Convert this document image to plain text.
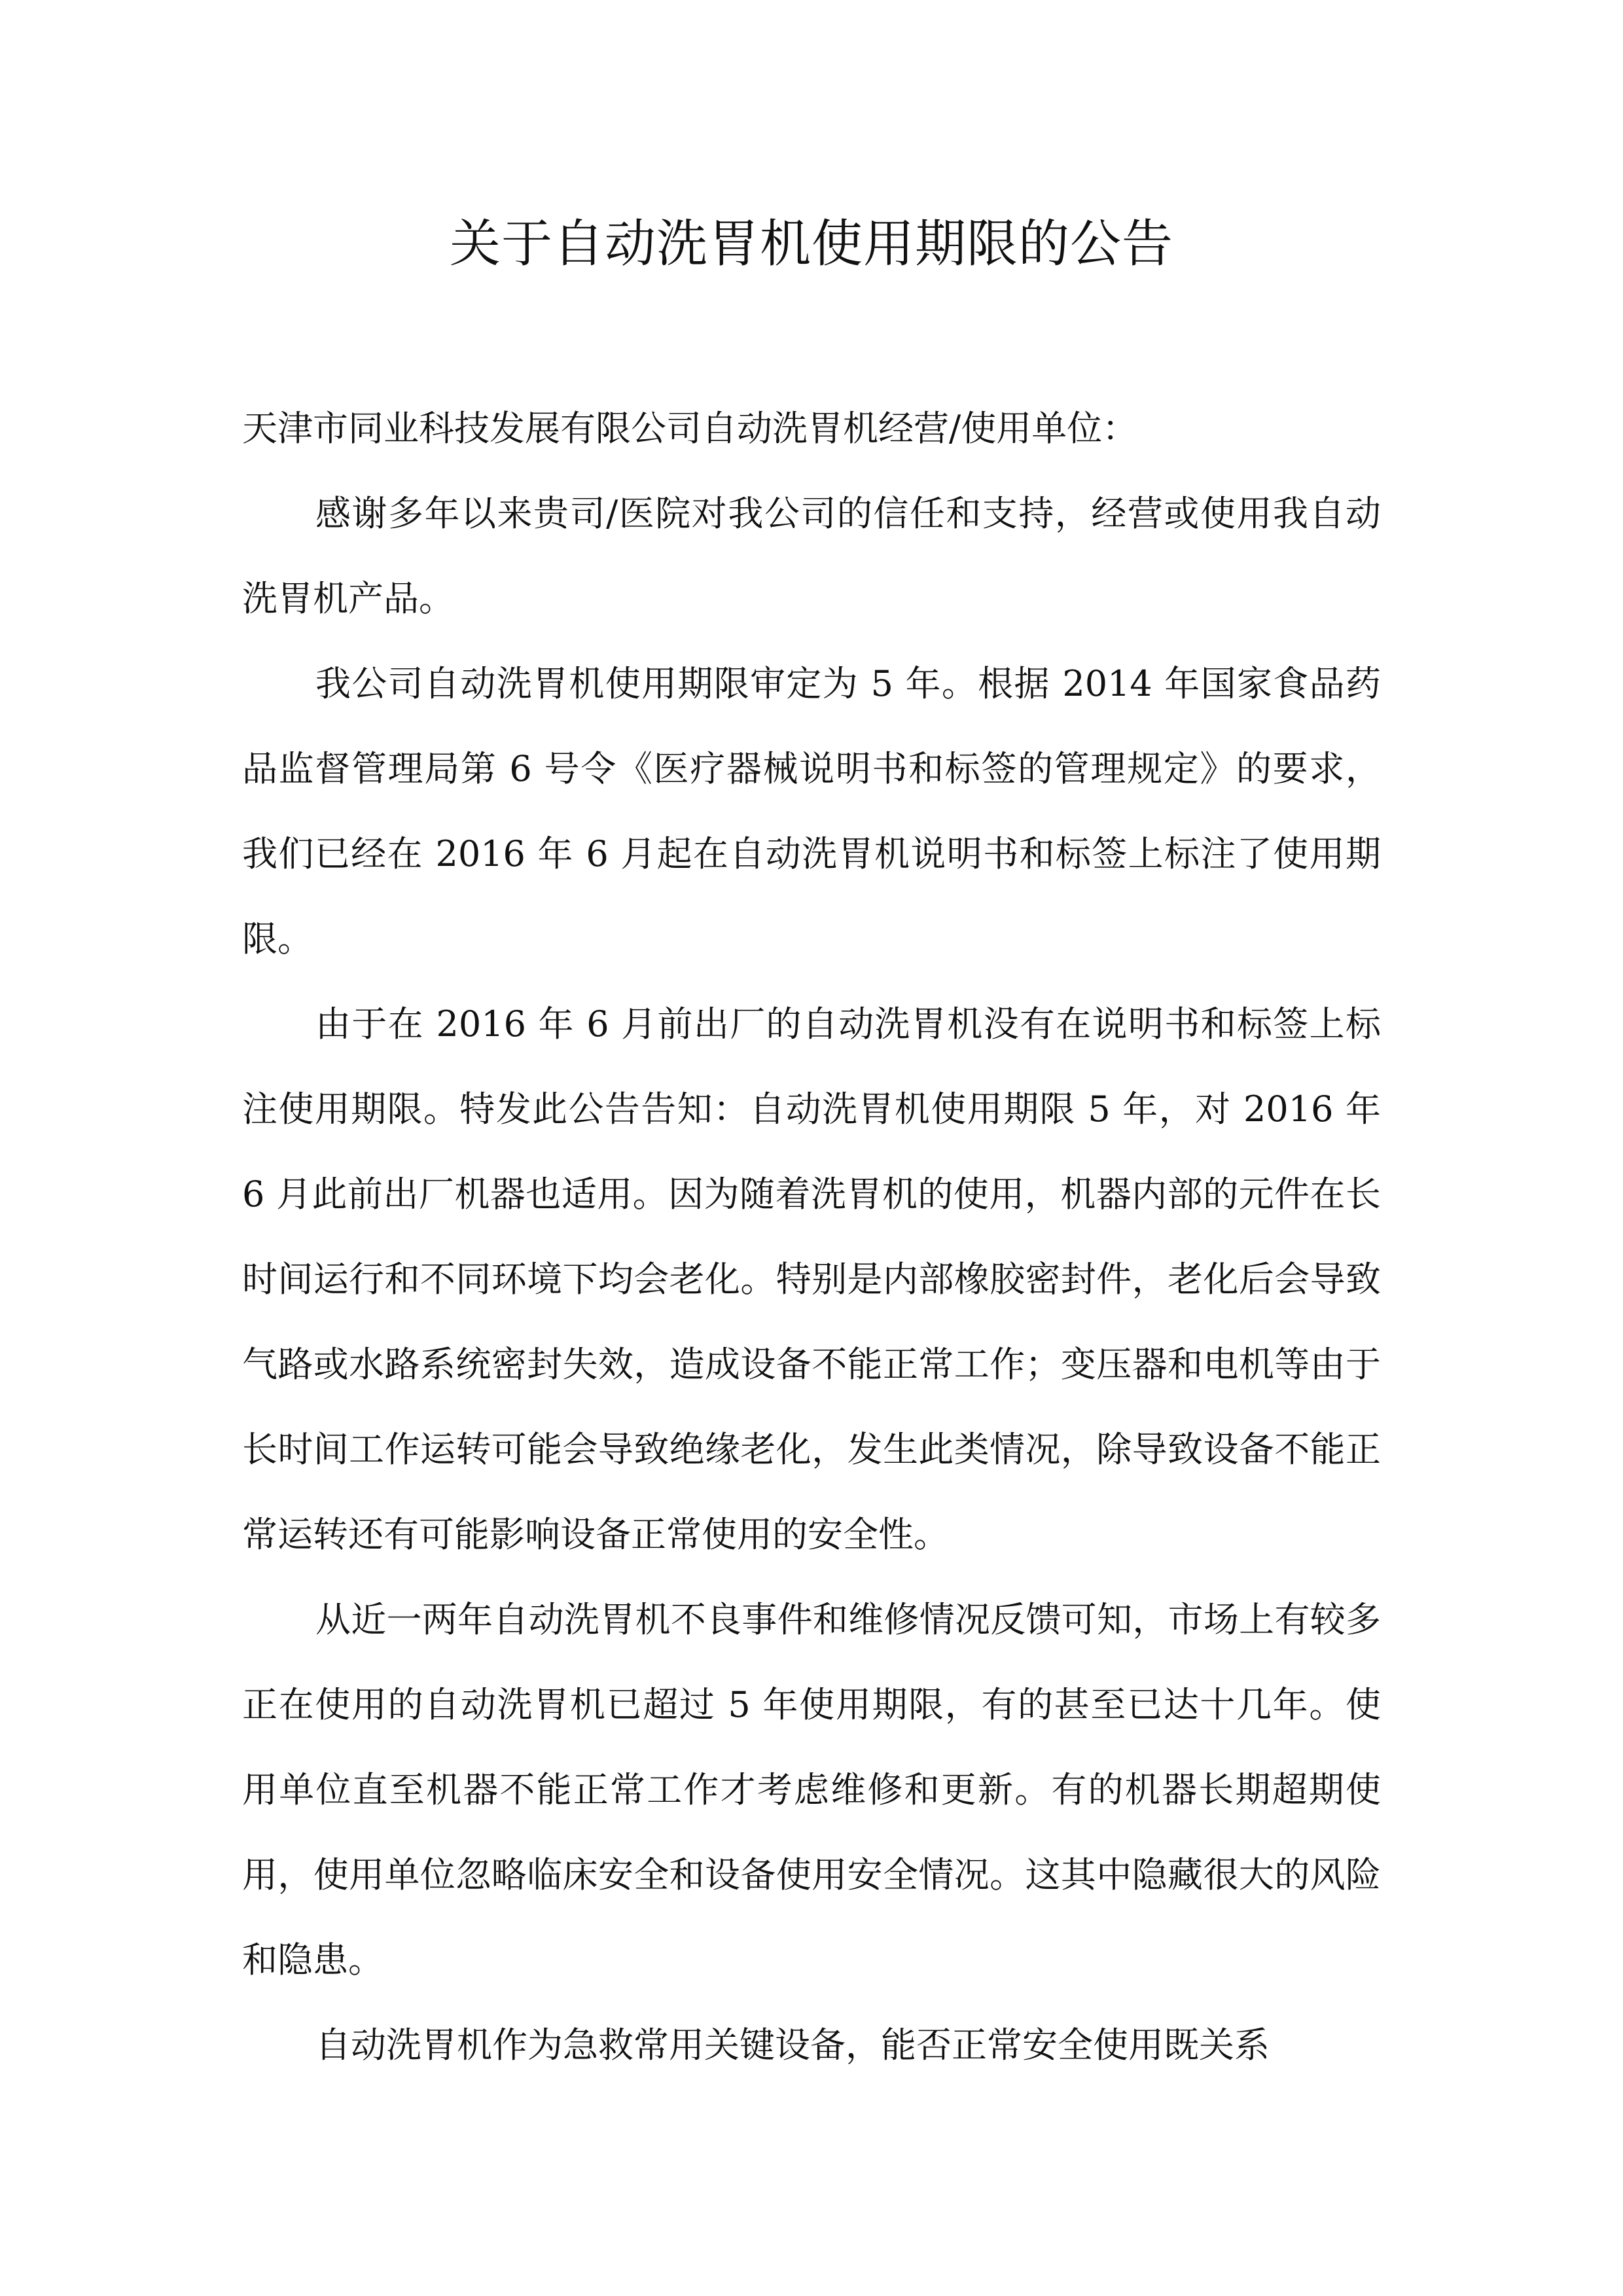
关于自动洗胃机使用期限的公告

天津市同业科技发展有限公司自动洗胃机经营/使用单位：

感谢多年以来贵司/医院对我公司的信任和支持，经营或使用我自动洗胃机产品。

我公司自动洗胃机使用期限审定为 5 年。根据 2014 年国家食品药品监督管理局第 6 号令《医疗器械说明书和标签的管理规定》的要求， 我们已经在 2016 年 6 月起在自动洗胃机说明书和标签上标注了使用期限。

由于在 2016 年 6 月前出厂的自动洗胃机没有在说明书和标签上标注使用期限。特发此公告告知：自动洗胃机使用期限 5 年，对 2016 年 6 月此前出厂机器也适用。因为随着洗胃机的使用，机器内部的元件在长时间运行和不同环境下均会老化。特别是内部橡胶密封件，老化后会导致气路或水路系统密封失效，造成设备不能正常工作；变压器和电机等由于长时间工作运转可能会导致绝缘老化，发生此类情况，除导致设备不能正常运转还有可能影响设备正常使用的安全性。

从近一两年自动洗胃机不良事件和维修情况反馈可知，市场上有较多正在使用的自动洗胃机已超过 5 年使用期限，有的甚至已达十几年。使用单位直至机器不能正常工作才考虑维修和更新。有的机器长期超期使用，使用单位忽略临床安全和设备使用安全情况。这其中隐藏很大的风险和隐患。

自动洗胃机作为急救常用关键设备，能否正常安全使用既关系
